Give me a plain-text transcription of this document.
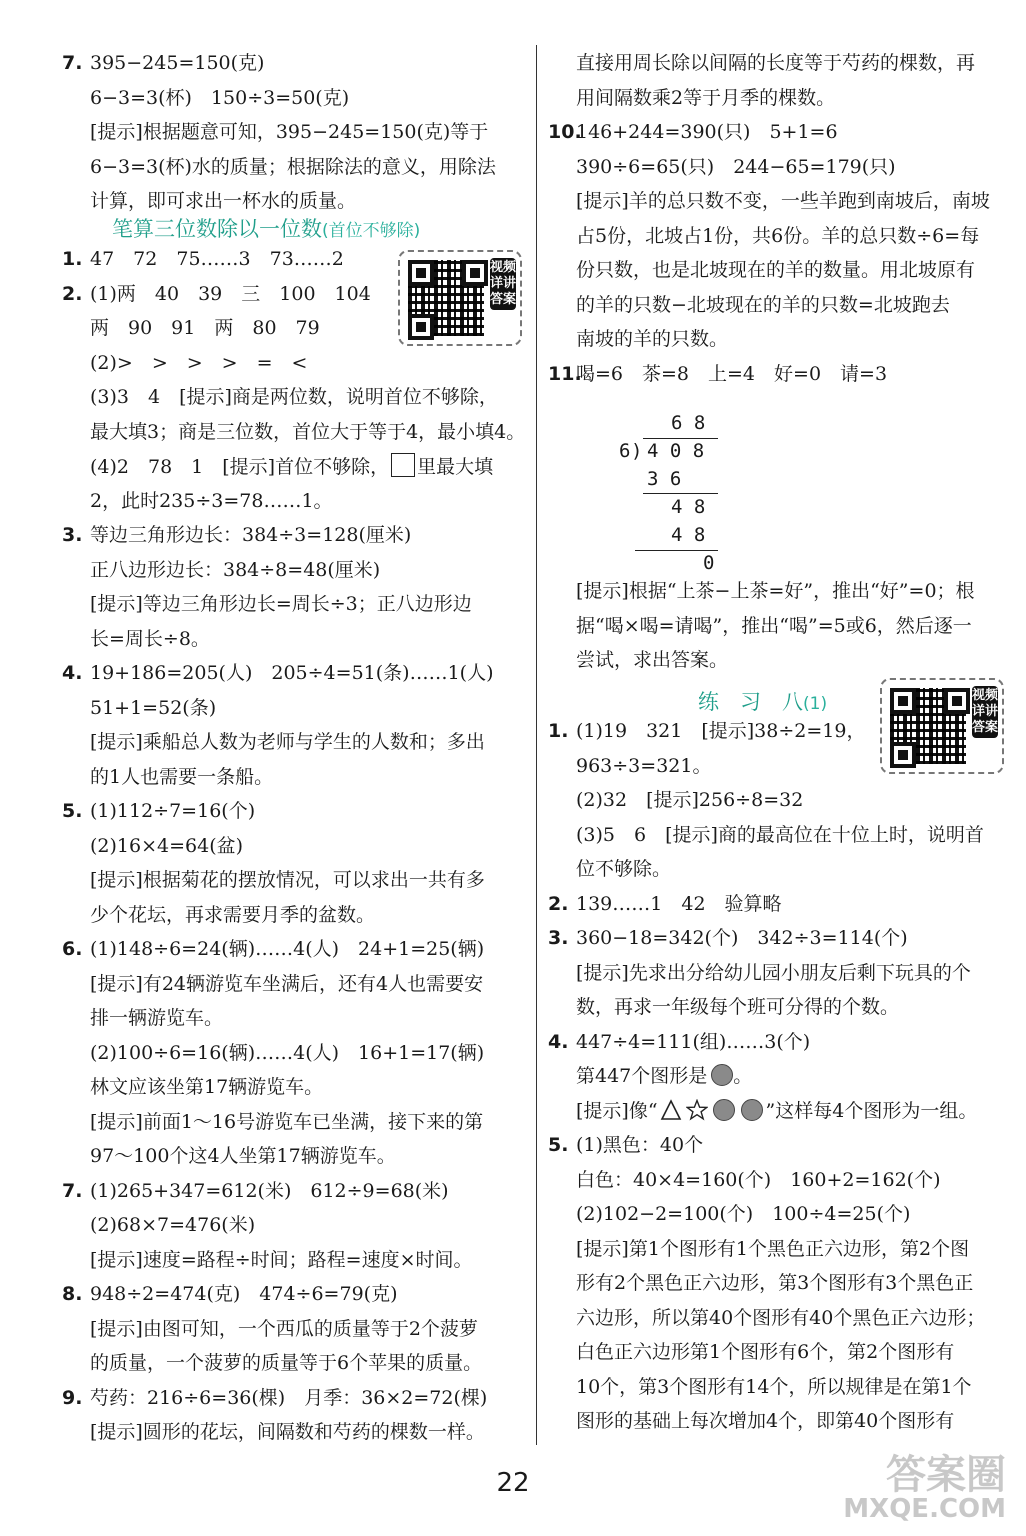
7. 395−245=150(克)
6−3=3(杯)　150÷3=50(克)
[提示]根据题意可知，395−245=150(克)等于
6−3=3(杯)水的质量；根据除法的意义，用除法
计算，即可求出一杯水的质量。
笔算三位数除以一位数(首位不够除)
视频详讲答案
1. 47　72　75……3　73……2
2. (1)两　40　39　三　100　104
两　90　91　两　80　79
(2)>　>　>　>　=　<
(3)3　4　[提示]商是两位数，说明首位不够除，
最大填3；商是三位数，首位大于等于4，最小填4。
(4)2　78　1　[提示]首位不够除， 里最大填
2，此时235÷3=78……1。
3. 等边三角形边长：384÷3=128(厘米)
正八边形边长：384÷8=48(厘米)
[提示]等边三角形边长=周长÷3；正八边形边
长=周长÷8。
4. 19+186=205(人)　205÷4=51(条)……1(人)
51+1=52(条)
[提示]乘船总人数为老师与学生的人数和；多出
的1人也需要一条船。
5. (1)112÷7=16(个)
(2)16×4=64(盆)
[提示]根据菊花的摆放情况，可以求出一共有多
少个花坛，再求需要月季的盆数。
6. (1)148÷6=24(辆)……4(人)　24+1=25(辆)
[提示]有24辆游览车坐满后，还有4人也需要安
排一辆游览车。
(2)100÷6=16(辆)……4(人)　16+1=17(辆)
林文应该坐第17辆游览车。
[提示]前面1～16号游览车已坐满，接下来的第
97～100个这4人坐第17辆游览车。
7. (1)265+347=612(米)　612÷9=68(米)
(2)68×7=476(米)
[提示]速度=路程÷时间；路程=速度×时间。
8. 948÷2=474(克)　474÷6=79(克)
[提示]由图可知，一个西瓜的质量等于2个菠萝
的质量，一个菠萝的质量等于6个苹果的质量。
9. 芍药：216÷6=36(棵)　月季：36×2=72(棵)
[提示]圆形的花坛，间隔数和芍药的棵数一样。
直接用周长除以间隔的长度等于芍药的棵数，再
用间隔数乘2等于月季的棵数。
10.
146+244=390(只)　5+1=6
390÷6=65(只)　244−65=179(只)
[提示]羊的总只数不变，一些羊跑到南坡后，南坡
占5份，北坡占1份，共6份。羊的总只数÷6=每
份只数，也是北坡现在的羊的数量。用北坡原有
的羊的只数−北坡现在的羊的只数=北坡跑去
南坡的羊的只数。
11.
喝=6　茶=8　上=4　好=0　请=3
6 8
6 ) 4 0 8
3 6
4 8
4 8
0
[提示]根据“上茶−上茶=好”，推出“好”=0；根
据“喝×喝=请喝”，推出“喝”=5或6，然后逐一
尝试，求出答案。
练　习　八(1)	视频详讲答案
1. (1)19　321　[提示]38÷2=19，
963÷3=321。
(2)32　[提示]256÷8=32
(3)5　6　[提示]商的最高位在十位上时，说明首
位不够除。
2. 139……1　42　验算略
3. 360−18=342(个)　342÷3=114(个)
[提示]先求出分给幼儿园小朋友后剩下玩具的个
数，再求一年级每个班可分得的个数。
4. 447÷4=111(组)……3(个)
第447个图形是 。
[提示]像“	”这样每4个图形为一组。
5. (1)黑色：40个
白色：40×4=160(个)　160+2=162(个)
(2)102−2=100(个)　100÷4=25(个)
[提示]第1个图形有1个黑色正六边形，第2个图
形有2个黑色正六边形，第3个图形有3个黑色正
六边形，所以第40个图形有40个黑色正六边形；
白色正六边形第1个图形有6个，第2个图形有
10个，第3个图形有14个，所以规律是在第1个
图形的基础上每次增加4个，即第40个图形有
22	答案圈
MXQE.COM
